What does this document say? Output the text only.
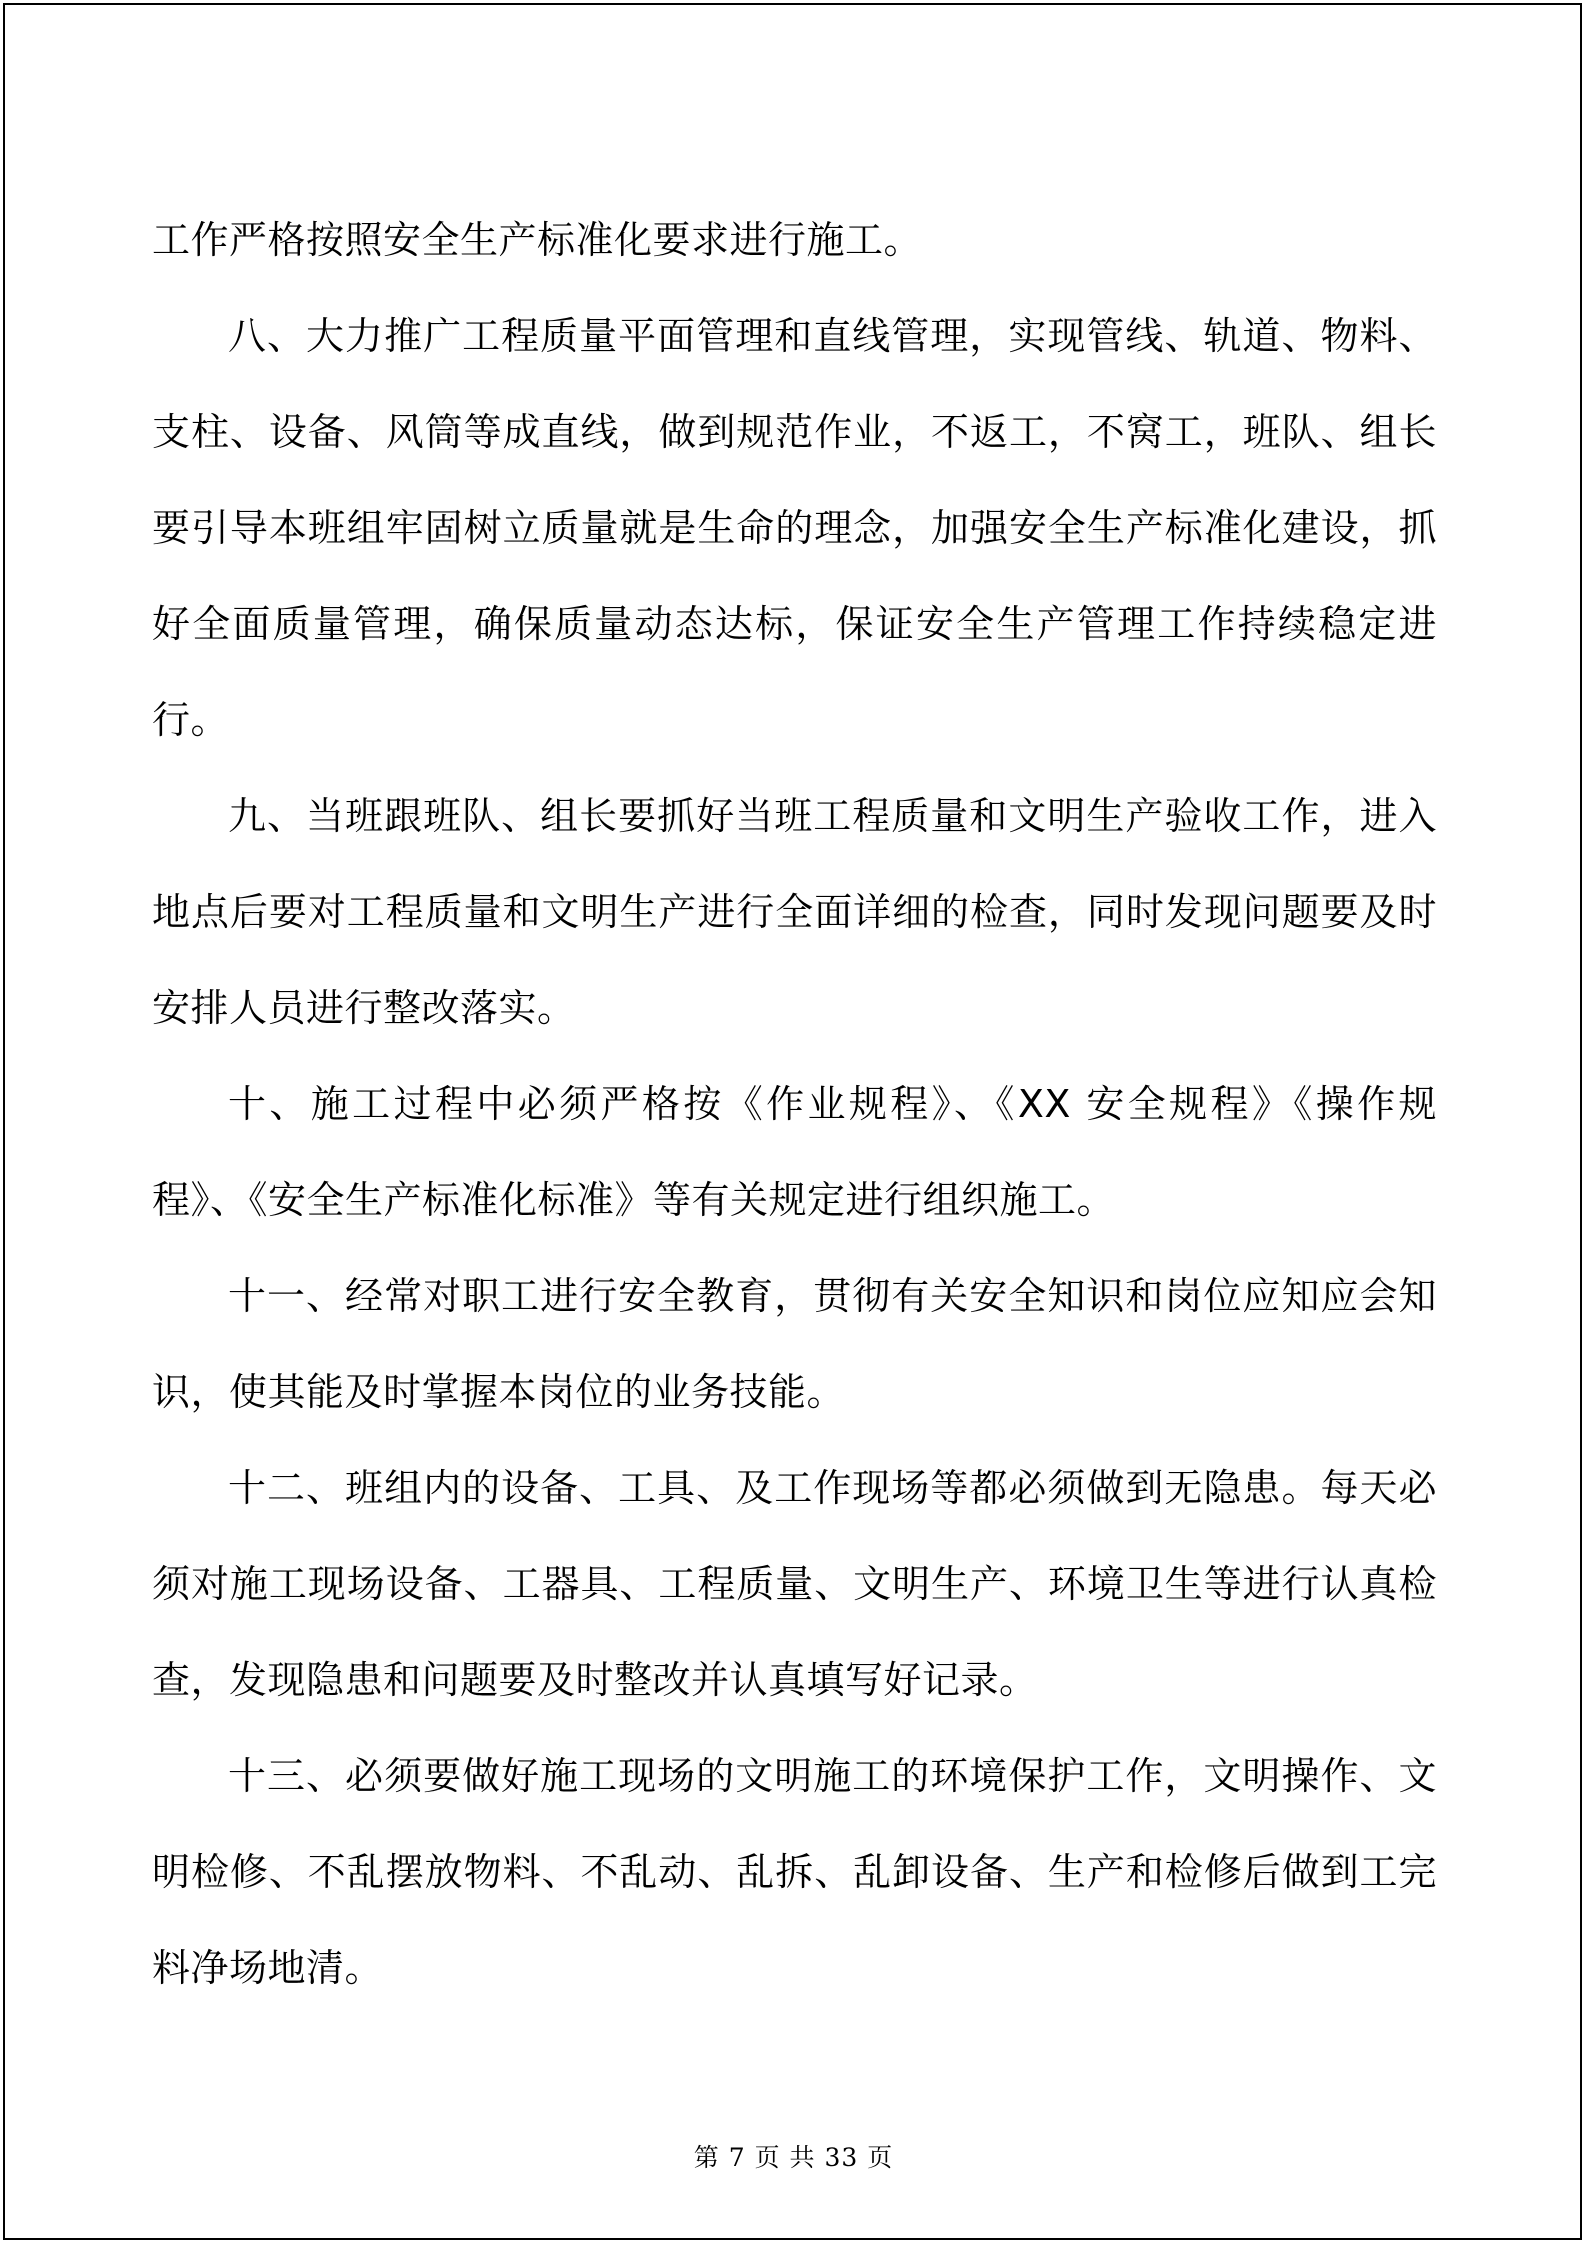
工作严格按照安全生产标准化要求进行施工。

八、大力推广工程质量平面管理和直线管理，实现管线、轨道、物料、支柱、设备、风筒等成直线，做到规范作业，不返工，不窝工，班队、组长要引导本班组牢固树立质量就是生命的理念，加强安全生产标准化建设，抓好全面质量管理，确保质量动态达标，保证安全生产管理工作持续稳定进行。

九、当班跟班队、组长要抓好当班工程质量和文明生产验收工作，进入地点后要对工程质量和文明生产进行全面详细的检查，同时发现问题要及时安排人员进行整改落实。

十、施工过程中必须严格按《作业规程》、《XX 安全规程》《操作规程》、《安全生产标准化标准》等有关规定进行组织施工。

十一、经常对职工进行安全教育，贯彻有关安全知识和岗位应知应会知识，使其能及时掌握本岗位的业务技能。

十二、班组内的设备、工具、及工作现场等都必须做到无隐患。每天必须对施工现场设备、工器具、工程质量、文明生产、环境卫生等进行认真检查，发现隐患和问题要及时整改并认真填写好记录。

十三、必须要做好施工现场的文明施工的环境保护工作，文明操作、文明检修、不乱摆放物料、不乱动、乱拆、乱卸设备、生产和检修后做到工完料净场地清。

第 7 页 共 33 页
